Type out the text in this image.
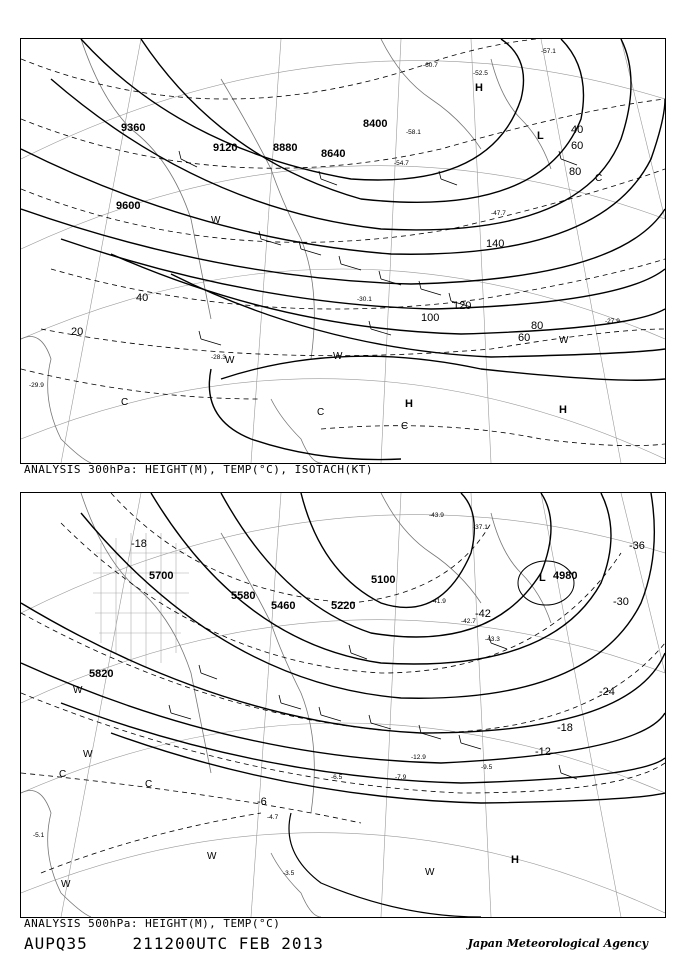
9360
9120	8880 8640
8400
9600
40
60
80
100
120
140
20
40
60
80
-29.9
-28.3
-30.1
-27.9
-47.7
-54.7
-58.1
-60.7
-52.5
-57.1
H
L
H	H
W
W	W
W
C
C
C
C
ANALYSIS 300hPa: HEIGHT(M), TEMP(°C), ISOTACH(KT)
5700
5460	5220
5100
5820
4980
5580
-18
-30
-42
-24
-18
-12
-6
-36
-43.9
-37.1
-41.9
-42.7
-43.3
-12.9
-9.5
-7.9
-6.5
-5.1
-4.7
-3.5
L
H
W
W
W
W
W
C
C
ANALYSIS 500hPa: HEIGHT(M), TEMP(°C)
AUPQ35	211200UTC FEB 2013	Japan Meteorological Agency
